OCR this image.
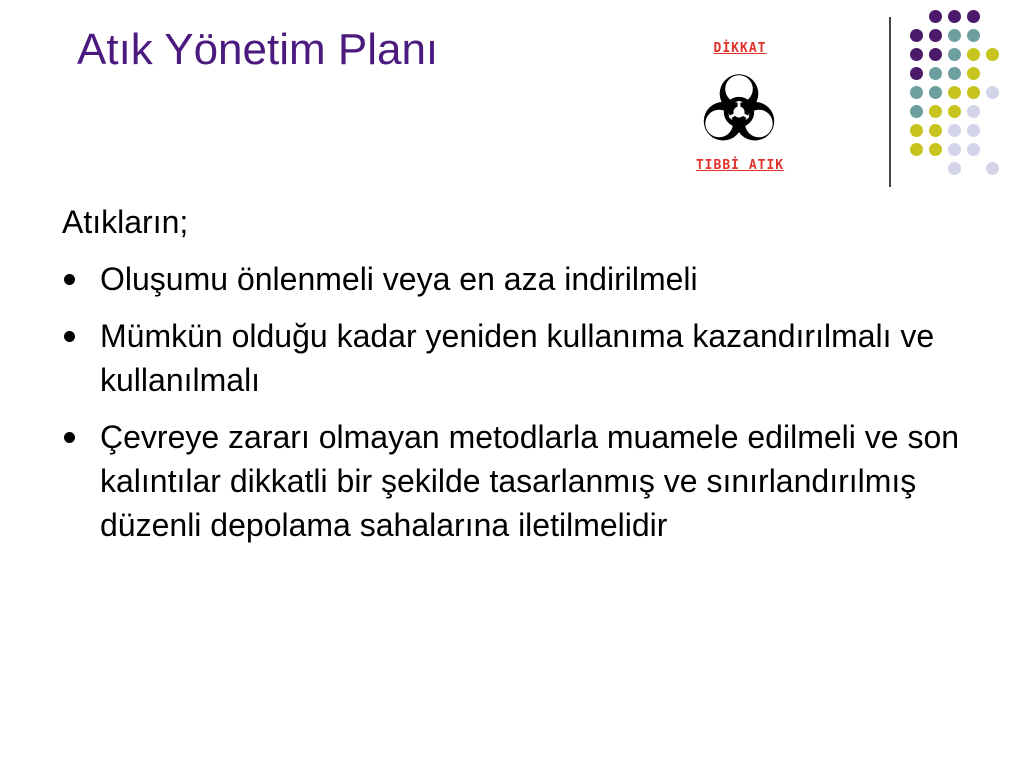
Atık Yönetim Planı	DİKKAT
TIBBİ ATIK

Atıkların;

Oluşumu önlenmeli veya en aza indirilmeli
Mümkün olduğu kadar yeniden kullanıma kazandırılmalı ve kullanılmalı
Çevreye zararı olmayan metodlarla muamele edilmeli ve son kalıntılar dikkatli bir şekilde tasarlanmış ve sınırlandırılmış düzenli depolama sahalarına iletilmelidir
